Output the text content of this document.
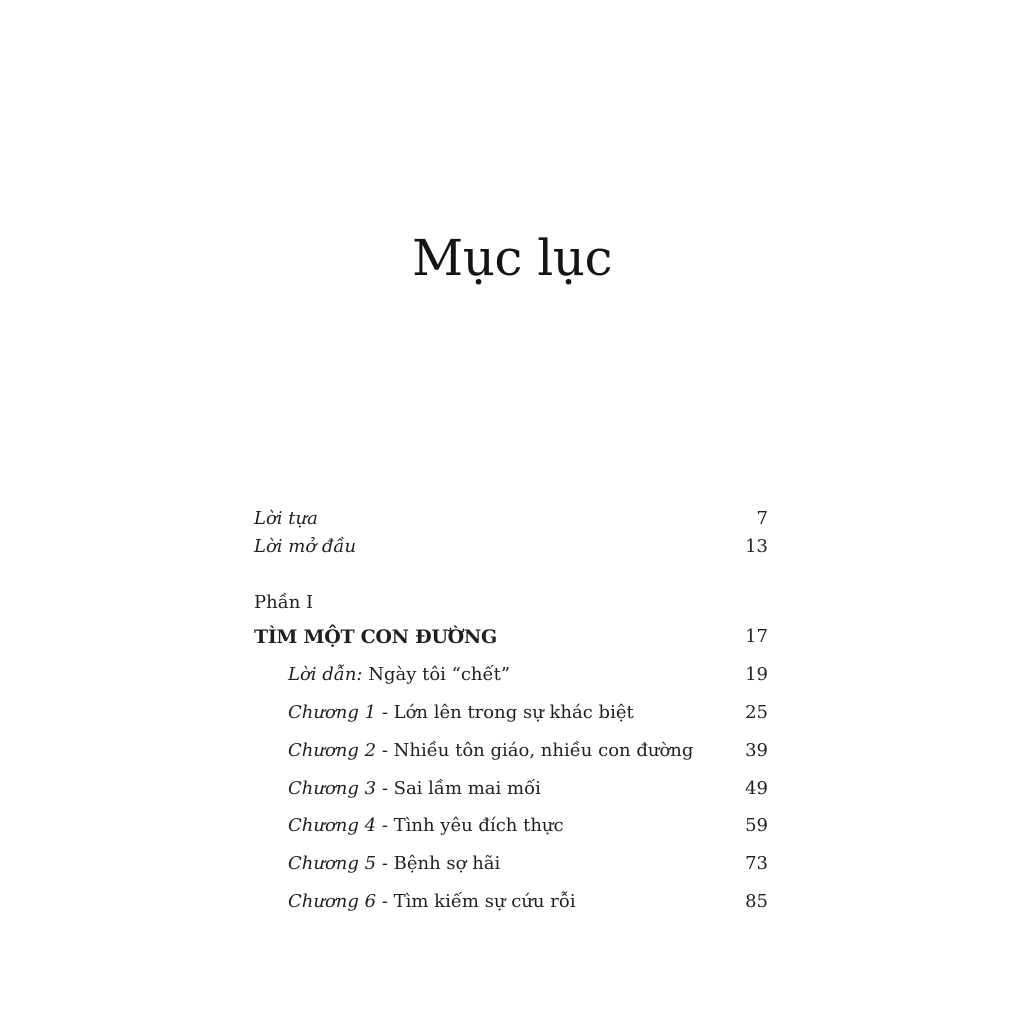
Mục lục
Lời tựa	7
Lời mở đầu	13
Phần I
TÌM MỘT CON ĐƯỜNG	17
Lời dẫn: Ngày tôi “chết”	19
Chương 1 - Lớn lên trong sự khác biệt	25
Chương 2 - Nhiều tôn giáo, nhiều con đường	39
Chương 3 - Sai lầm mai mối	49
Chương 4 - Tình yêu đích thực	59
Chương 5 - Bệnh sợ hãi	73
Chương 6 - Tìm kiếm sự cứu rỗi	85
